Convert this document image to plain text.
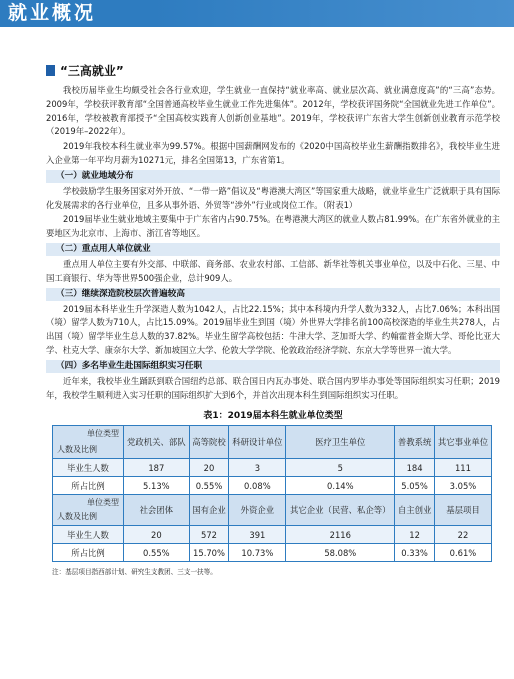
就业概况
“三高就业”

我校历届毕业生均颇受社会各行业欢迎，学生就业一直保持“就业率高、就业层次高、就业满意度高”的“三高”态势。2009年，学校获评教育部“全国普通高校毕业生就业工作先进集体”。2012年，学校获评国务院“全国就业先进工作单位”。2016年，学校被教育部授予“全国高校实践育人创新创业基地”。2019年，学校获评广东省大学生创新创业教育示范学校（2019年–2022年）。

2019年我校本科生就业率为99.57%。根据中国薪酬网发布的《2020中国高校毕业生薪酬指数排名》，我校毕业生进入企业第一年平均月薪为10271元，排名全国第13，广东省第1。

（一）就业地域分布

学校鼓励学生服务国家对外开放、“一带一路”倡议及“粤港澳大湾区”等国家重大战略，就业毕业生广泛就职于具有国际化发展需求的各行业单位，且多从事外语、外贸等“涉外”行业或岗位工作。（附表1）

2019届毕业生就业地域主要集中于广东省内占90.75%。在粤港澳大湾区的就业人数占81.99%。在广东省外就业的主要地区为北京市、上海市、浙江省等地区。

（二）重点用人单位就业

重点用人单位主要有外交部、中联部、商务部、农业农村部、工信部、新华社等机关事业单位，以及中石化、三星、中国工商银行、华为等世界500强企业，总计909人。

（三）继续深造院校层次普遍较高

2019届本科毕业生升学深造人数为1042人，占比22.15%；其中本科境内升学人数为332人，占比7.06%；本科出国（境）留学人数为710人，占比15.09%。2019届毕业生到国（境）外世界大学排名前100高校深造的毕业生共278人，占出国（境）留学毕业生总人数的37.82%。毕业生留学高校包括：牛津大学、芝加哥大学、约翰霍普金斯大学、哥伦比亚大学、杜克大学、康奈尔大学、新加坡国立大学、伦敦大学学院、伦敦政治经济学院、东京大学等世界一流大学。

（四）多名毕业生赴国际组织实习任职

近年来，我校毕业生踊跃到联合国纽约总部、联合国日内瓦办事处、联合国内罗毕办事处等国际组织实习任职；2019年，我校学生顺利进入实习任职的国际组织扩大到6个，并首次出现本科生到国际组织实习任职。

表1：2019届本科生就业单位类型
单位类型
人数及比例	党政机关、部队	高等院校	科研设计单位	医疗卫生单位	普教系统	其它事业单位
毕业生人数	187	20	3	5	184	111
所占比例	5.13%	0.55%	0.08%	0.14%	5.05%	3.05%

单位类型
人数及比例	社会团体	国有企业	外资企业	其它企业（民营、私企等）	自主创业	基层项目
毕业生人数	20	572	391	2116	12	22
所占比例	0.55%	15.70%	10.73%	58.08%	0.33%	0.61%
注：基层项目指西部计划、研究生支教团、三支一扶等。
